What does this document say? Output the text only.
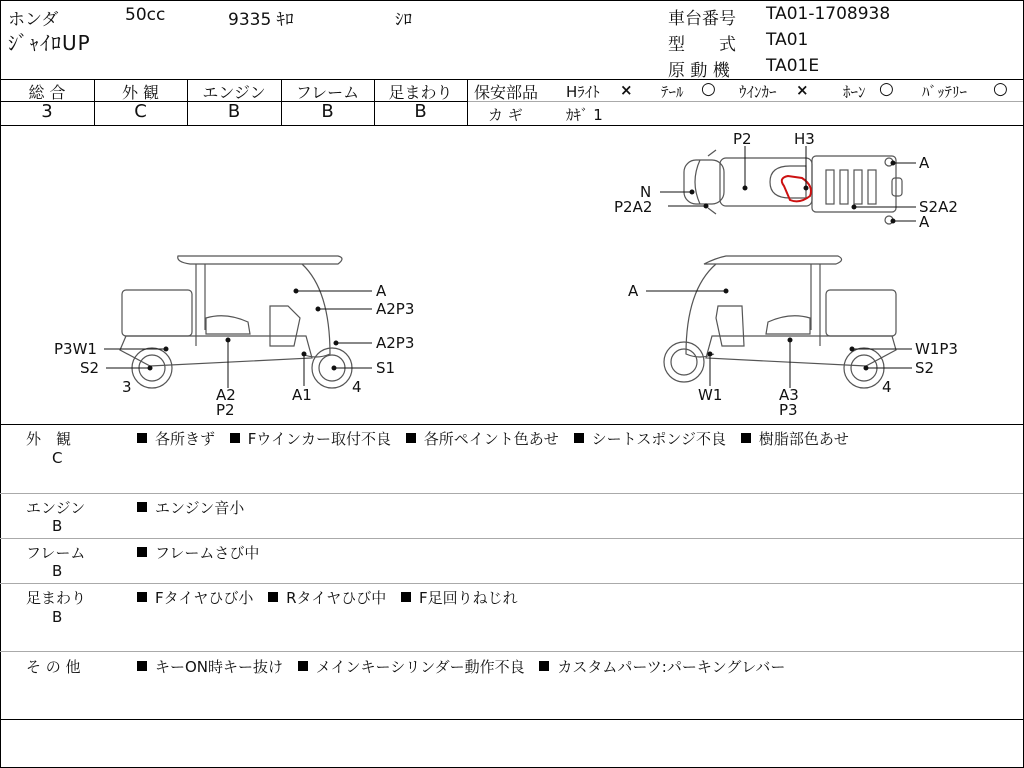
ホンダ	50cc	9335 ｷﾛ	ｼﾛ
ｼﾞｬｲﾛUP
車台番号 TA01-1708938
型　　式 TA01
原 動 機 TA01E
総 合	外 観	エンジン	フレーム	足まわり
3	C	B	B	B
保安部品 Hﾗｲﾄ × ﾃｰﾙ ○ ｳｲﾝｶｰ × ﾎｰﾝ ○ ﾊﾞｯﾃﾘｰ ○
カ ギ	ｶｷﾞ 1
P2	H3
N
P2A2
A
S2A2
A
A
A2P3
A2P3
P3W1
S2	S1
3	A2
P2
A1	4
A
W1P3
S2
W1	A3
P3
4
外　観
C
各所きず Fウインカー取付不良 各所ペイント色あせ シートスポンジ不良 樹脂部色あせ
エンジン
B
エンジン音小
フレーム
B
フレームさび中
足まわり
B
Fタイヤひび小 Rタイヤひび中 F足回りねじれ
そ の 他	キーON時キー抜け メインキーシリンダー動作不良 カスタムパーツ:パーキングレバー
